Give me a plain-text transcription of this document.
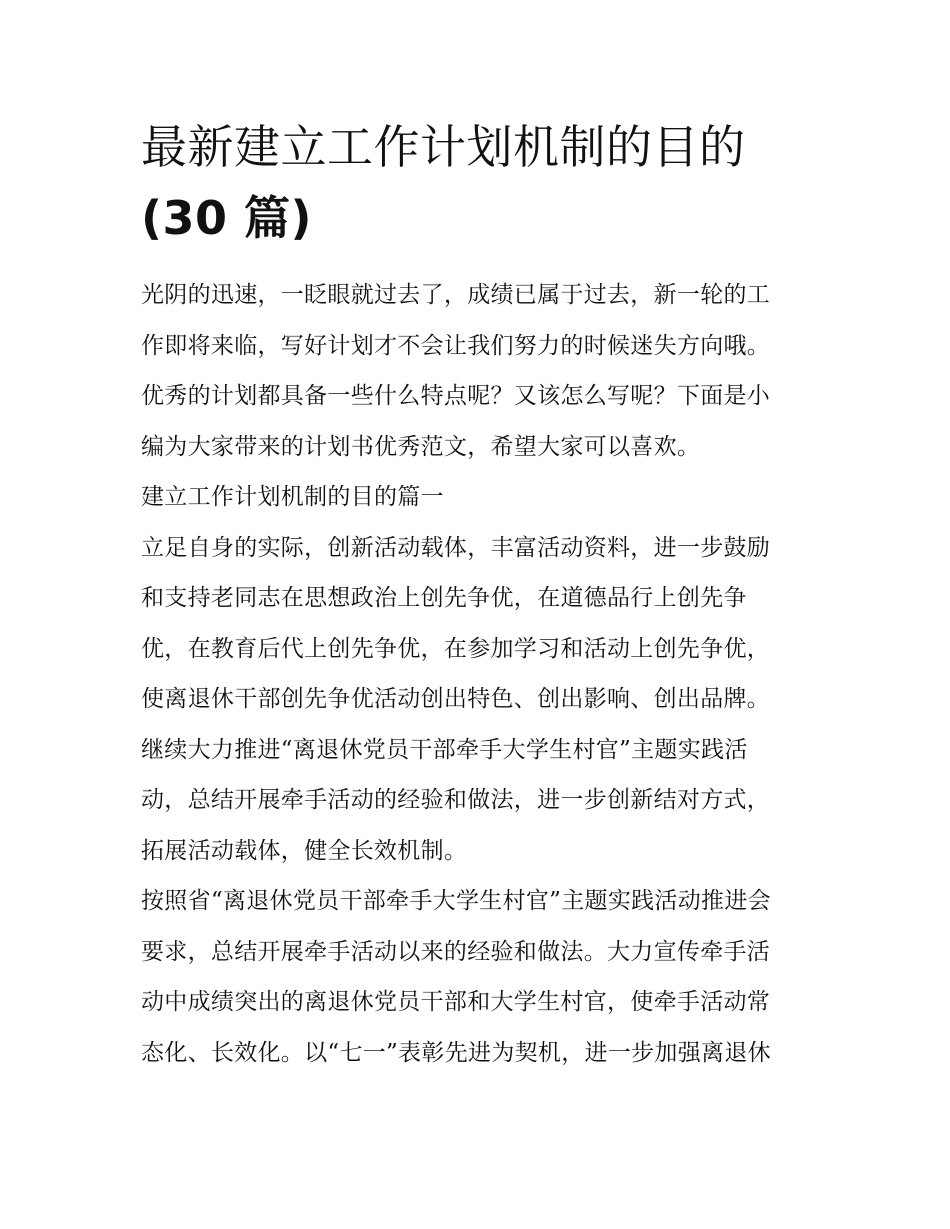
最新建立工作计划机制的目的
(30 篇)

光阴的迅速，一眨眼就过去了，成绩已属于过去，新一轮的工

作即将来临，写好计划才不会让我们努力的时候迷失方向哦。

优秀的计划都具备一些什么特点呢？又该怎么写呢？下面是小

编为大家带来的计划书优秀范文，希望大家可以喜欢。

建立工作计划机制的目的篇一

立足自身的实际，创新活动载体，丰富活动资料，进一步鼓励

和支持老同志在思想政治上创先争优，在道德品行上创先争

优，在教育后代上创先争优，在参加学习和活动上创先争优，

使离退休干部创先争优活动创出特色、创出影响、创出品牌。

继续大力推进“离退休党员干部牵手大学生村官”主题实践活

动，总结开展牵手活动的经验和做法，进一步创新结对方式，

拓展活动载体，健全长效机制。

按照省“离退休党员干部牵手大学生村官”主题实践活动推进会

要求，总结开展牵手活动以来的经验和做法。大力宣传牵手活

动中成绩突出的离退休党员干部和大学生村官，使牵手活动常

态化、长效化。以“七一”表彰先进为契机，进一步加强离退休
